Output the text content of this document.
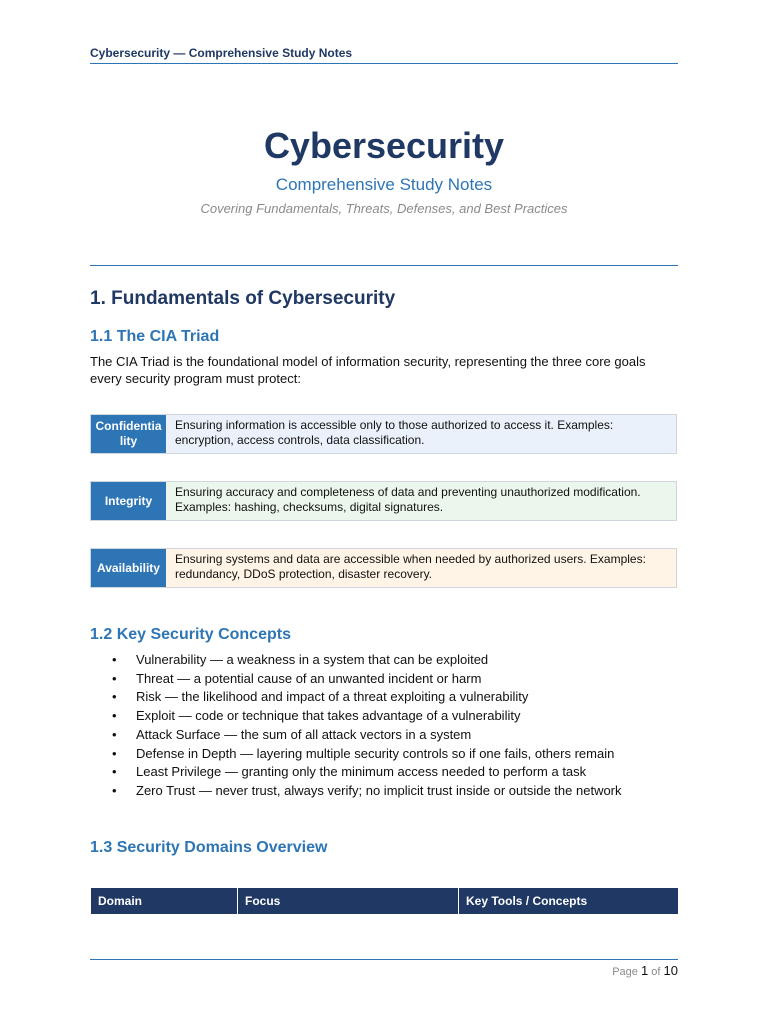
Cybersecurity — Comprehensive Study Notes
Cybersecurity
Comprehensive Study Notes
Covering Fundamentals, Threats, Defenses, and Best Practices
1. Fundamentals of Cybersecurity
1.1 The CIA Triad

The CIA Triad is the foundational model of information security, representing the three core goals every security program must protect:

Confidentiality
Ensuring information is accessible only to those authorized to access it. Examples: encryption, access controls, data classification.
Integrity
Ensuring accuracy and completeness of data and preventing unauthorized modification. Examples: hashing, checksums, digital signatures.
Availability
Ensuring systems and data are accessible when needed by authorized users. Examples: redundancy, DDoS protection, disaster recovery.
1.2 Key Security Concepts
• Vulnerability — a weakness in a system that can be exploited
• Threat — a potential cause of an unwanted incident or harm
• Risk — the likelihood and impact of a threat exploiting a vulnerability
• Exploit — code or technique that takes advantage of a vulnerability
• Attack Surface — the sum of all attack vectors in a system
• Defense in Depth — layering multiple security controls so if one fails, others remain
• Least Privilege — granting only the minimum access needed to perform a task
• Zero Trust — never trust, always verify; no implicit trust inside or outside the network
1.3 Security Domains Overview
Domain	Focus	Key Tools / Concepts
Page 1 of 10
